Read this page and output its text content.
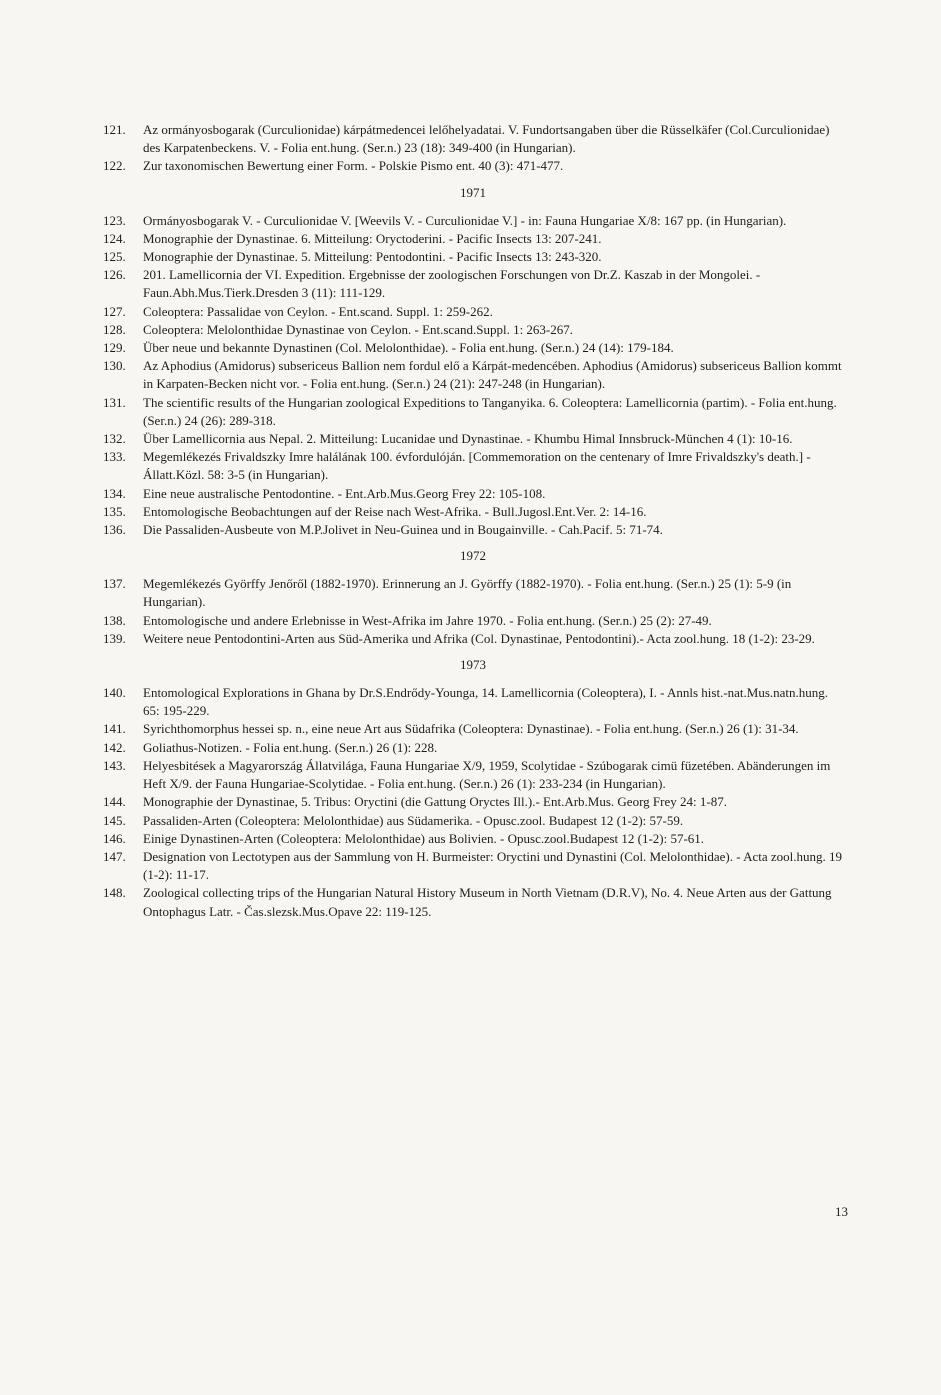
121.	Az ormányosbogarak (Curculionidae) kárpátmedencei lelőhelyadatai. V. Fundortsangaben über die Rüsselkäfer (Col.Curculionidae) des Karpatenbeckens. V. - Folia ent.hung. (Ser.n.) 23 (18): 349-400 (in Hungarian).
122.	Zur taxonomischen Bewertung einer Form. - Polskie Pismo ent. 40 (3): 471-477.
1971
123.	Ormányosbogarak V. - Curculionidae V. [Weevils V. - Curculionidae V.] - in: Fauna Hungariae X/8: 167 pp. (in Hungarian).
124.	Monographie der Dynastinae. 6. Mitteilung: Oryctoderini. - Pacific Insects 13: 207-241.
125.	Monographie der Dynastinae. 5. Mitteilung: Pentodontini. - Pacific Insects 13: 243-320.
126.	201. Lamellicornia der VI. Expedition. Ergebnisse der zoologischen Forschungen von Dr.Z. Kaszab in der Mongolei. - Faun.Abh.Mus.Tierk.Dresden 3 (11): 111-129.
127.	Coleoptera: Passalidae von Ceylon. - Ent.scand. Suppl. 1: 259-262.
128.	Coleoptera: Melolonthidae Dynastinae von Ceylon. - Ent.scand.Suppl. 1: 263-267.
129.	Über neue und bekannte Dynastinen (Col. Melolonthidae). - Folia ent.hung. (Ser.n.) 24 (14): 179-184.
130.	Az Aphodius (Amidorus) subsericeus Ballion nem fordul elő a Kárpát-medencében. Aphodius (Amidorus) subsericeus Ballion kommt in Karpaten-Becken nicht vor. - Folia ent.hung. (Ser.n.) 24 (21): 247-248 (in Hungarian).
131.	The scientific results of the Hungarian zoological Expeditions to Tanganyika. 6. Coleoptera: Lamellicornia (partim). - Folia ent.hung. (Ser.n.) 24 (26): 289-318.
132.	Über Lamellicornia aus Nepal. 2. Mitteilung: Lucanidae und Dynastinae. - Khumbu Himal Innsbruck-München 4 (1): 10-16.
133.	Megemlékezés Frivaldszky Imre halálának 100. évfordulóján. [Commemoration on the centenary of Imre Frivaldszky's death.] - Állatt.Közl. 58: 3-5 (in Hungarian).
134.	Eine neue australische Pentodontine. - Ent.Arb.Mus.Georg Frey 22: 105-108.
135.	Entomologische Beobachtungen auf der Reise nach West-Afrika. - Bull.Jugosl.Ent.Ver. 2: 14-16.
136.	Die Passaliden-Ausbeute von M.P.Jolivet in Neu-Guinea und in Bougainville. - Cah.Pacif. 5: 71-74.
1972
137.	Megemlékezés Györffy Jenőről (1882-1970). Erinnerung an J. Györffy (1882-1970). - Folia ent.hung. (Ser.n.) 25 (1): 5-9 (in Hungarian).
138.	Entomologische und andere Erlebnisse in West-Afrika im Jahre 1970. - Folia ent.hung. (Ser.n.) 25 (2): 27-49.
139.	Weitere neue Pentodontini-Arten aus Süd-Amerika und Afrika (Col. Dynastinae, Pentodontini).- Acta zool.hung. 18 (1-2): 23-29.
1973
140.	Entomological Explorations in Ghana by Dr.S.Endrődy-Younga, 14. Lamellicornia (Coleoptera), I. - Annls hist.-nat.Mus.natn.hung. 65: 195-229.
141.	Syrichthomorphus hessei sp. n., eine neue Art aus Südafrika (Coleoptera: Dynastinae). - Folia ent.hung. (Ser.n.) 26 (1): 31-34.
142.	Goliathus-Notizen. - Folia ent.hung. (Ser.n.) 26 (1): 228.
143.	Helyesbitések a Magyarország Állatvilága, Fauna Hungariae X/9, 1959, Scolytidae - Szúbogarak cimü füzetében. Abänderungen im Heft X/9. der Fauna Hungariae-Scolytidae. - Folia ent.hung. (Ser.n.) 26 (1): 233-234 (in Hungarian).
144.	Monographie der Dynastinae, 5. Tribus: Oryctini (die Gattung Oryctes Ill.).- Ent.Arb.Mus. Georg Frey 24: 1-87.
145.	Passaliden-Arten (Coleoptera: Melolonthidae) aus Südamerika. - Opusc.zool. Budapest 12 (1-2): 57-59.
146.	Einige Dynastinen-Arten (Coleoptera: Melolonthidae) aus Bolivien. - Opusc.zool.Budapest 12 (1-2): 57-61.
147.	Designation von Lectotypen aus der Sammlung von H. Burmeister: Oryctini und Dynastini (Col. Melolonthidae). - Acta zool.hung. 19 (1-2): 11-17.
148.	Zoological collecting trips of the Hungarian Natural History Museum in North Vietnam (D.R.V), No. 4. Neue Arten aus der Gattung Ontophagus Latr. - Čas.slezsk.Mus.Opave 22: 119-125.
13
